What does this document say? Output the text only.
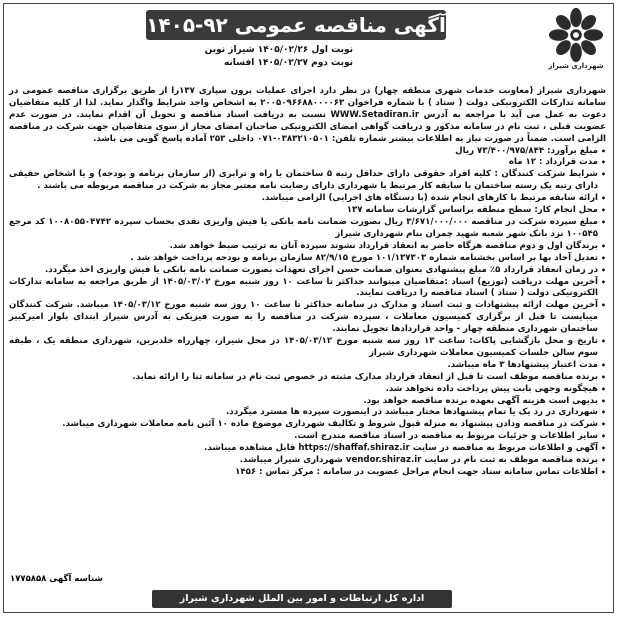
شهرداری شیراز
آگهی مناقصه عمومی ۹۲-۱۴۰۵
نوبت اول ۱۴۰۵/۰۲/۲۶ شیراز نوین
نوبت دوم ۱۴۰۵/۰۲/۲۷ افسانه

شهرداری شیراز (معاونت خدمات شهری منطقه چهار) در نظر دارد اجرای عملیات برون سپاری ۱۳۷را از طریق برگزاری مناقصه عمومی در سامانه تدارکات الکترونیکی دولت ( ستاد ) با شماره فراخوان ۲۰۰۵۰۹۶۶۸۸۰۰۰۰۶۳ به اشخاص واجد شرایط واگذار نماید. لذا از کلیه متقاضیان دعوت به عمل می آید با مراجعه به آدرس WWW.Setadiran.ir نسبت به دریافت اسناد مناقصه و تحویل آن اقدام نمایند. در صورت عدم عضویت قبلی ، ثبت نام در سامانه مذکور و دریافت گواهی امضای الکترونیکی صاحبان امضای مجاز از سوی متقاضیان جهت شرکت در مناقصه الزامی است. ضمناً در صورت نیاز به اطلاعات بیشتر شماره تلفن: ۰۳۸۳۲۱۰۵۰۱-۰۷۱ داخلی ۲۵۳ آماده پاسخ گویی می باشد.

•
مبلغ برآورد: ۷۳/۴۰۰/۹۷۵/۸۴۴ ریال
•
مدت قرارداد : ۱۲ ماه
•
شرایط شرکت کنندگان : کلیه افراد حقوقی دارای حداقل رتبه ۵ ساختمان یا راه و ترابری (از سازمان برنامه و بودجه) و یا اشخاص حقیقی دارای رتبه یک رسته ساختمان با سابقه کار مرتبط با شهرداری دارای رضایت نامه معتبر مجاز به شرکت در مناقصه مربوطه می باشند .
•
ارائه سابقه مرتبط با کارهای انجام شده (با دستگاه های اجرایی) الزامی میباشد.
•
محل انجام کار: سطح منطقه براساس گزارشات سامانه ۱۳۷
•
مبلغ سپرده شرکت در مناقصه ۳/۶۷۱/۰۰۰/۰۰۰ ریال بصورت ضمانت نامه بانکی یا فیش واریزی نقدی بحساب سپرده ۱۰۰۸۰۵۵۰۴۷۴۲ کد مرجع ۱۰۰۵۴۵ نزد بانک شهر شعبه شهید چمران بنام شهرداری شیراز
•
برندگان اول و دوم مناقصه هرگاه حاضر به انعقاد قرارداد نشوند سپرده آنان به ترتیب ضبط خواهد شد.
•
تعدیل آحاد بها بر اساس بخشنامه شماره ۱۰۱/۱۳۷۳۰۳ مورخ ۸۲/۹/۱۵ سازمان برنامه و بودجه پرداخت خواهد شد .
•
در زمان انعقاد قرارداد ۵٪ مبلغ پیشنهادی بعنوان ضمانت حسن اجرای تعهدات بصورت ضمانت نامه بانکی یا فیش واریزی اخذ میگردد.
•
آخرین مهلت دریافت (توزیع) اسناد :متقاضیان میتوانند حداکثر تا ساعت ۱۰ روز شنبه مورخ ۱۴۰۵/۰۳/۰۲ از طریق مراجعه به سامانه تدارکات الکترونیکی دولت ( ستاد ) اسناد مناقصه را دریافت نمایند.
•
آخرین مهلت ارائه پیشنهادات و ثبت اسناد و مدارک در سامانه حداکثر تا ساعت ۱۰ روز سه شنبه مورخ ۱۴۰۵/۰۳/۱۲ میباشد. شرکت کنندگان میبایست تا قبل از برگزاری کمیسیون معاملات ، سپرده شرکت در مناقصه را به صورت فیزیکی به آدرس شیراز ابتدای بلوار امیرکبیر ساختمان شهرداری منطقه چهار - واحد قراردادها تحویل نمایند.
•
تاریخ و محل بازگشایی پاکات: ساعت ۱۳ روز سه شنبه مورخ ۱۴۰۵/۰۳/۱۲ در محل شیراز، چهارراه خلدبرین، شهرداری منطقه یک ، طبقه سوم سالن جلسات کمیسیون معاملات شهرداری شیراز
•
مدت اعتبار پیشنهادها ۳ ماه میباشد.
•
برنده مناقصه موظف است تا قبل از انعقاد قرارداد مدارک مثبته در خصوص ثبت نام در سامانه ثنا را ارائه نماید.
•
هیچگونه وجهی بابت پیش پرداخت داده نخواهد شد.
•
بدیهی است هزینه آگهی بعهده برنده مناقصه خواهد بود.
•
شهرداری در رد یک یا تمام پیشنهادها مختار میباشد در اینصورت سپرده ها مسترد میگردد.
•
شرکت در مناقصه ودادن پیشنهاد به منزله قبول شروط و تکالیف شهرداری موضوع ماده ۱۰ آئین نامه معاملات شهرداری میباشد.
•
سایر اطلاعات و جزئیات مربوط به مناقصه در اسناد مناقصه مندرج است.
•
آگهی و اطلاعات مربوط به مناقصه در سایت https://shaffaf.shiraz.ir قابل مشاهده میباشد.
•
برنده مناقصه موظف به ثبت نام در سایت vendor.shiraz.ir شهرداری شیراز میباشد.
•
اطلاعات تماس سامانه ستاد جهت انجام مراحل عضویت در سامانه : مرکز تماس : ۱۴۵۶
شناسه آگهی ۱۷۷۵۸۵۸
اداره کل ارتباطات و امور بین الملل شهرداری شیراز
